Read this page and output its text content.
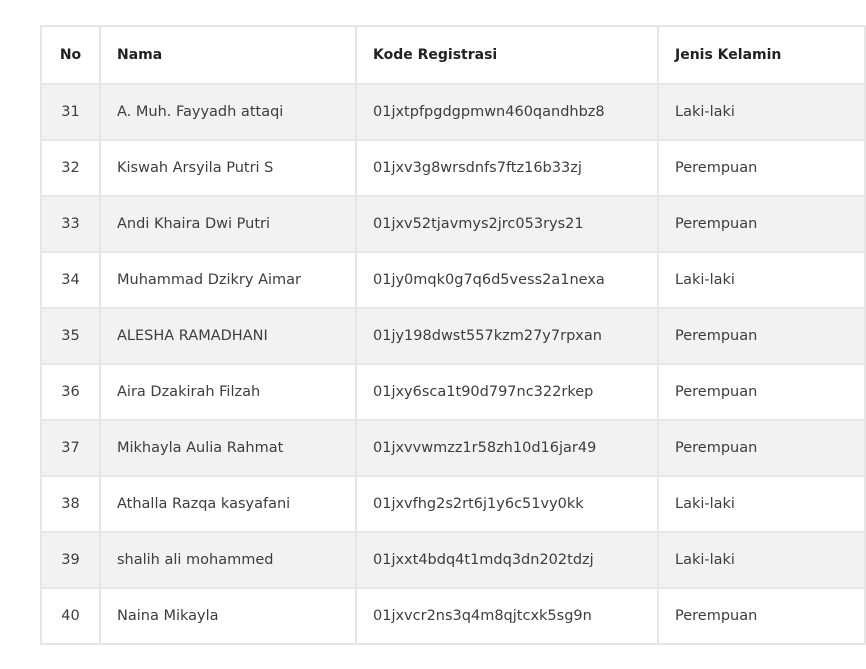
No	Nama	Kode Registrasi	Jenis Kelamin
31	A. Muh. Fayyadh attaqi	01jxtpfpgdgpmwn460qandhbz8	Laki-laki
32	Kiswah Arsyila Putri S	01jxv3g8wrsdnfs7ftz16b33zj	Perempuan
33	Andi Khaira Dwi Putri	01jxv52tjavmys2jrc053rys21	Perempuan
34	Muhammad Dzikry Aimar	01jy0mqk0g7q6d5vess2a1nexa	Laki-laki
35	ALESHA RAMADHANI	01jy198dwst557kzm27y7rpxan	Perempuan
36	Aira Dzakirah Filzah	01jxy6sca1t90d797nc322rkep	Perempuan
37	Mikhayla Aulia Rahmat	01jxvvwmzz1r58zh10d16jar49	Perempuan
38	Athalla Razqa kasyafani	01jxvfhg2s2rt6j1y6c51vy0kk	Laki-laki
39	shalih ali mohammed	01jxxt4bdq4t1mdq3dn202tdzj	Laki-laki
40	Naina Mikayla	01jxvcr2ns3q4m8qjtcxk5sg9n	Perempuan
